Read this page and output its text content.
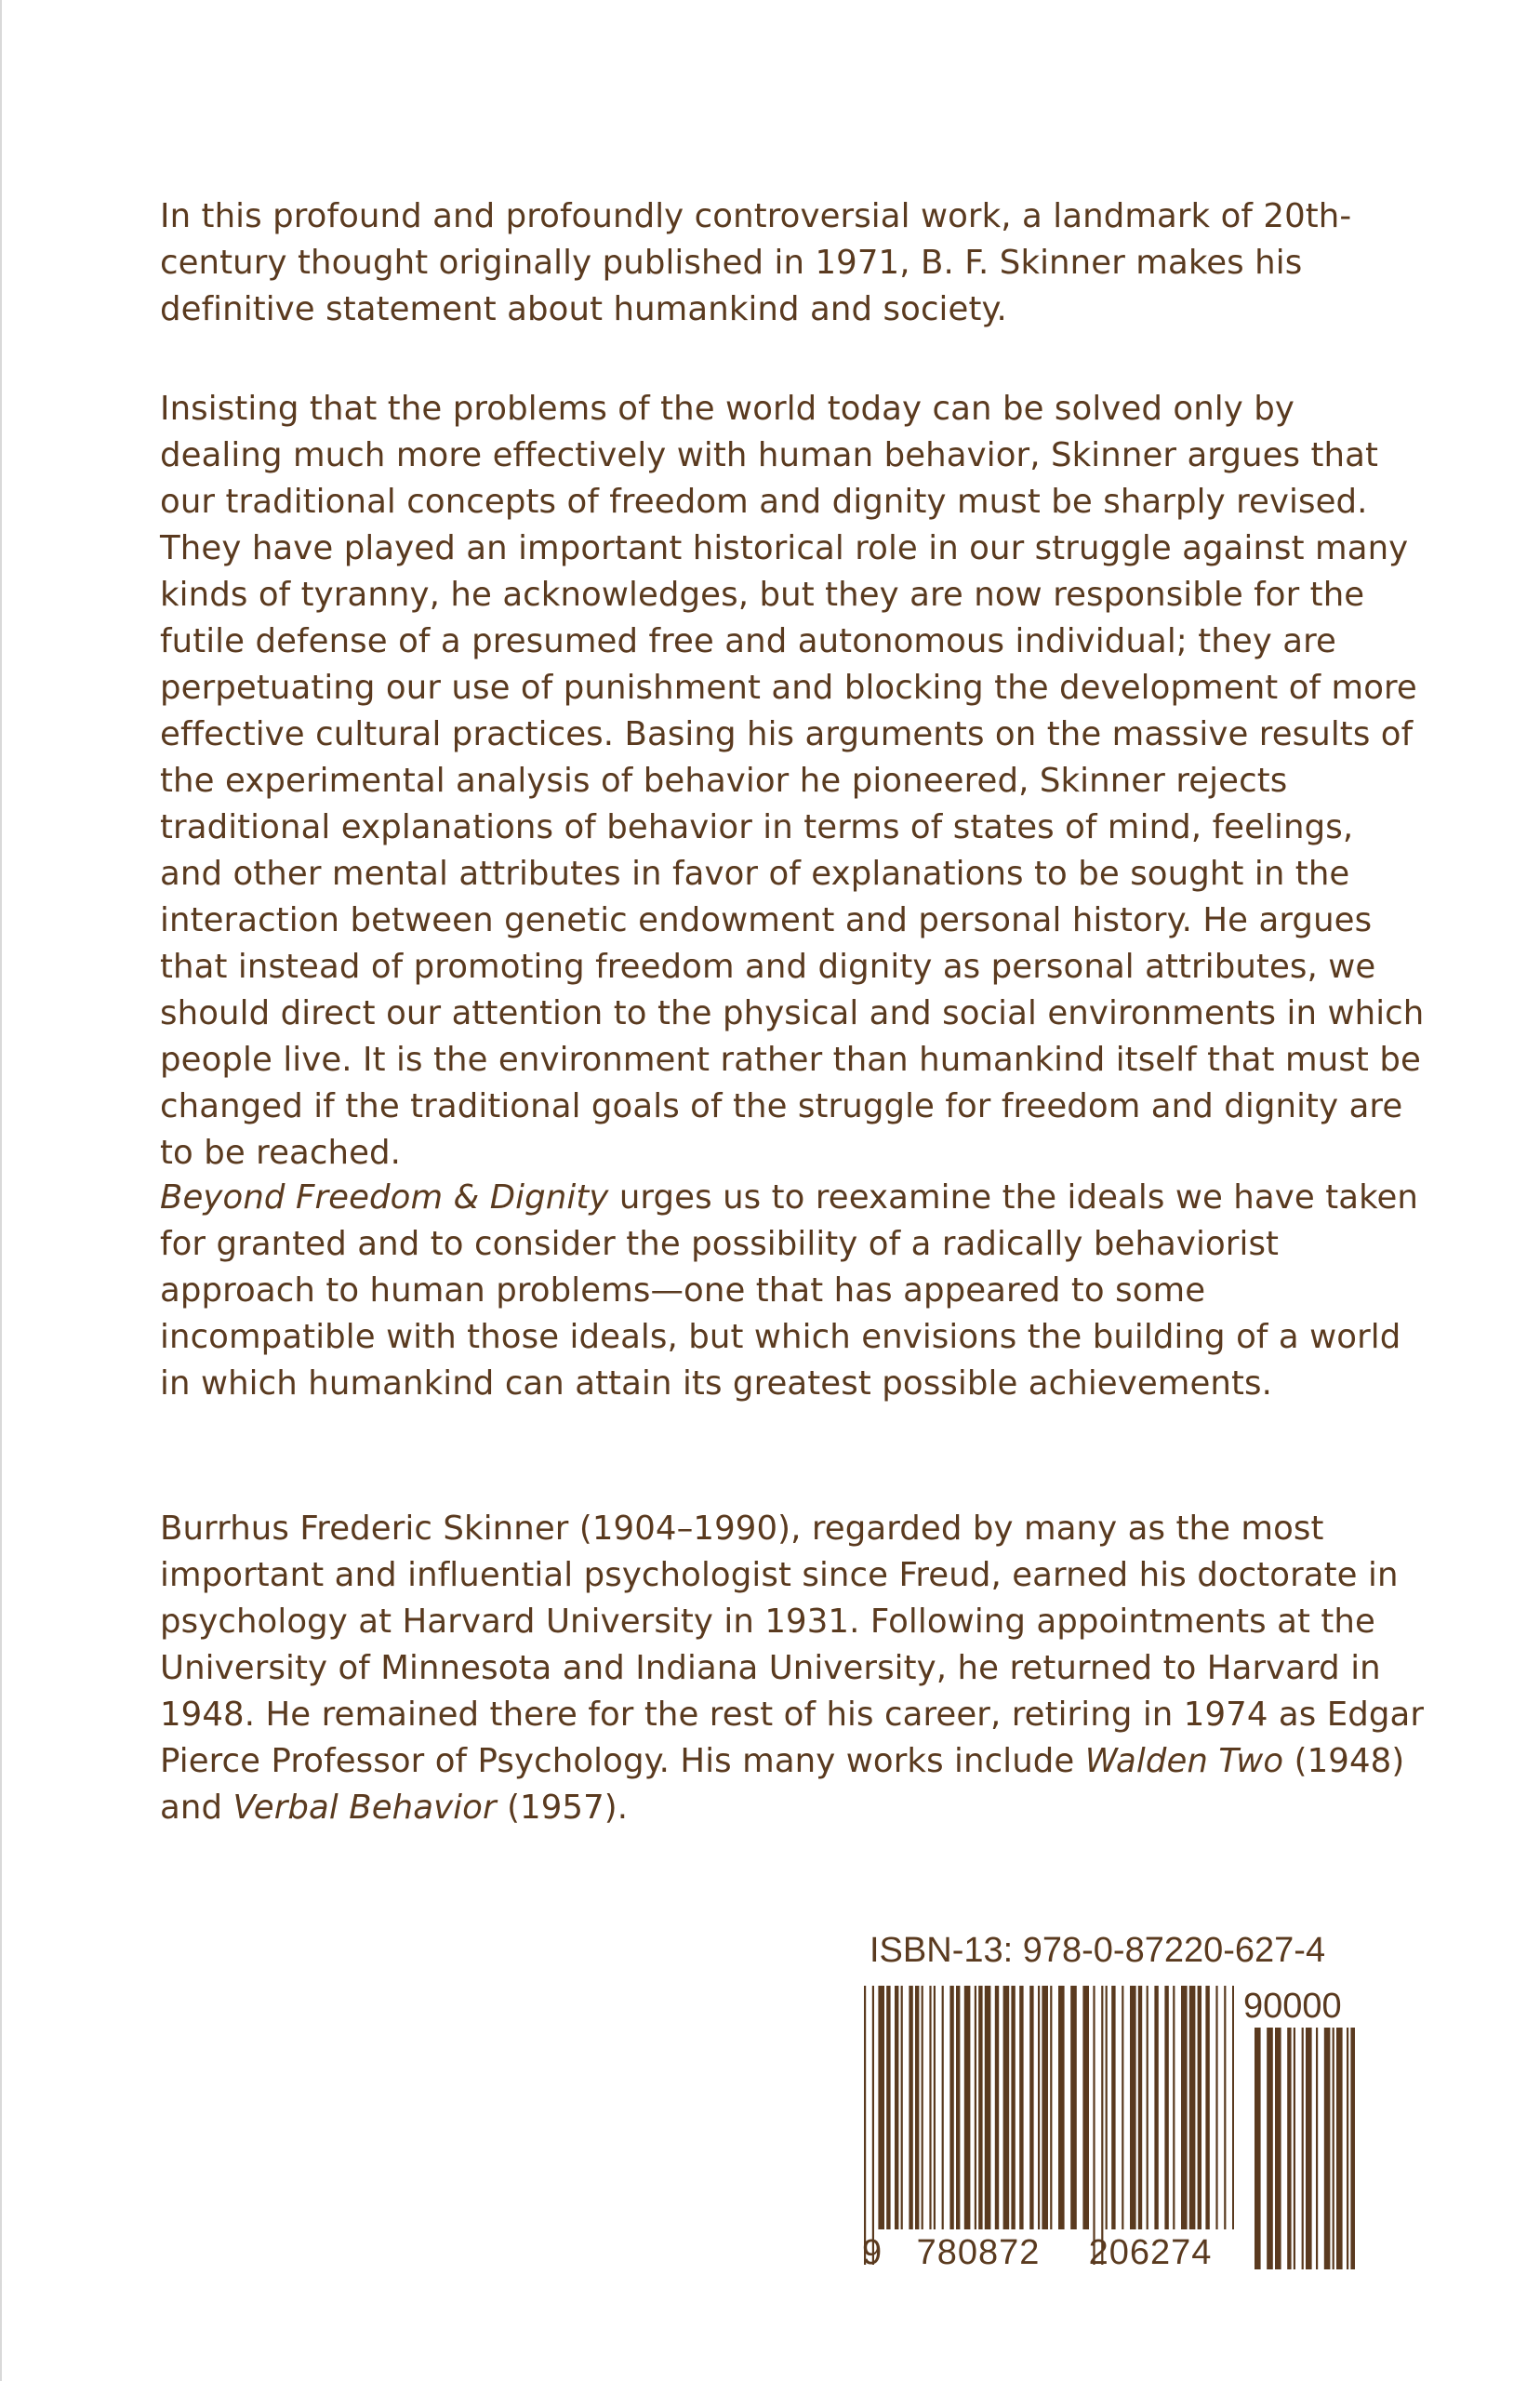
In this profound and profoundly controversial work, a landmark of 20th-century thought originally published in 1971, B. F. Skinner makes his definitive statement about humankind and society.

Insisting that the problems of the world today can be solved only by dealing much more effectively with human behavior, Skinner argues that our traditional concepts of freedom and dignity must be sharply revised. They have played an important historical role in our struggle against many kinds of tyranny, he acknowledges, but they are now responsible for the futile defense of a presumed free and autonomous individual; they are perpetuating our use of punishment and blocking the development of more effective cultural practices. Basing his arguments on the massive results of the experimental analysis of behavior he pioneered, Skinner rejects traditional explanations of behavior in terms of states of mind, feelings, and other mental attributes in favor of explanations to be sought in the interaction between genetic endowment and personal history. He argues that instead of promoting freedom and dignity as personal attributes, we should direct our attention to the physical and social environments in which people live. It is the environment rather than humankind itself that must be changed if the traditional goals of the struggle for freedom and dignity are to be reached.

Beyond Freedom & Dignity urges us to reexamine the ideals we have taken for granted and to consider the possibility of a radically behaviorist approach to human problems—one that has appeared to some incompatible with those ideals, but which envisions the building of a world in which humankind can attain its greatest possible achievements.

Burrhus Frederic Skinner (1904–1990), regarded by many as the most important and influential psychologist since Freud, earned his doctorate in psychology at Harvard University in 1931. Following appointments at the University of Minnesota and Indiana University, he returned to Harvard in 1948. He remained there for the rest of his career, retiring in 1974 as Edgar Pierce Professor of Psychology. His many works include Walden Two (1948) and Verbal Behavior (1957).

ISBN-13: 978-0-87220-627-4
90000
9 780872	206274
